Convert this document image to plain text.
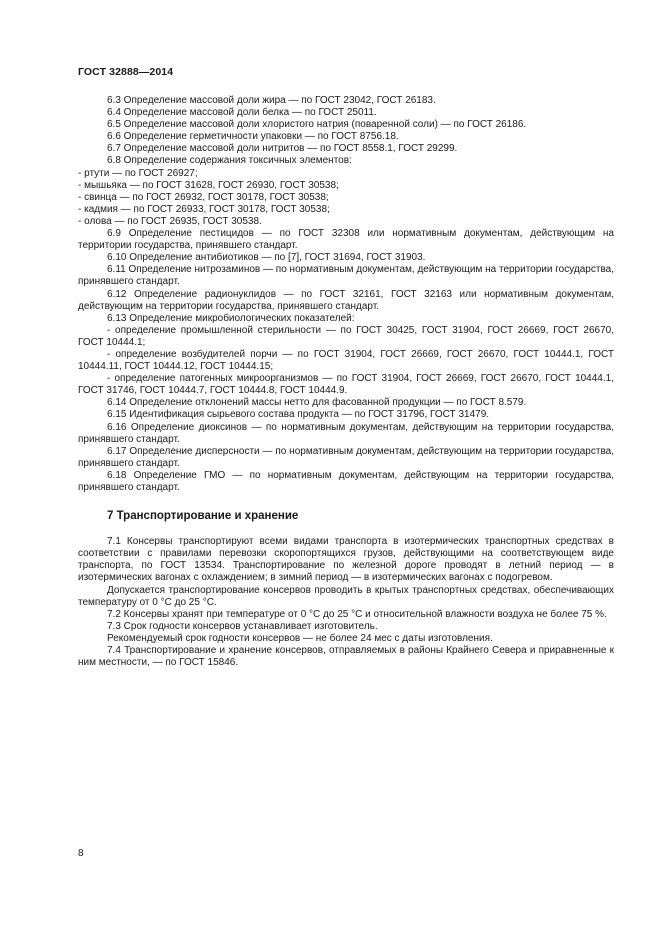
ГОСТ 32888—2014

6.3 Определение массовой доли жира — по ГОСТ 23042, ГОСТ 26183.

6.4 Определение массовой доли белка — по ГОСТ 25011.

6.5 Определение массовой доли хлористого натрия (поваренной соли) — по ГОСТ 26186.

6.6 Определение герметичности упаковки — по ГОСТ 8756.18.

6.7 Определение массовой доли нитритов — по ГОСТ 8558.1, ГОСТ 29299.

6.8 Определение содержания токсичных элементов:

- ртути — по ГОСТ 26927;

- мышьяка — по ГОСТ 31628, ГОСТ 26930, ГОСТ 30538;

- свинца — по ГОСТ 26932, ГОСТ 30178, ГОСТ 30538;

- кадмия — по ГОСТ 26933, ГОСТ 30178, ГОСТ 30538;

- олова — по ГОСТ 26935, ГОСТ 30538.

6.9 Определение пестицидов — по ГОСТ 32308 или нормативным документам, действующим на территории государства, принявшего стандарт.

6.10 Определение антибиотиков — по [7], ГОСТ 31694, ГОСТ 31903.

6.11 Определение нитрозаминов — по нормативным документам, действующим на территории государства, принявшего стандарт.

6.12 Определение радионуклидов — по ГОСТ 32161, ГОСТ 32163 или нормативным документам, действующим на территории государства, принявшего стандарт.

6.13 Определение микробиологических показателей:

- определение промышленной стерильности — по ГОСТ 30425, ГОСТ 31904, ГОСТ 26669, ГОСТ 26670, ГОСТ 10444.1;

- определение возбудителей порчи — по ГОСТ 31904, ГОСТ 26669, ГОСТ 26670, ГОСТ 10444.1, ГОСТ 10444.11, ГОСТ 10444.12, ГОСТ 10444.15;

- определение патогенных микроорганизмов — по ГОСТ 31904, ГОСТ 26669, ГОСТ 26670, ГОСТ 10444.1, ГОСТ 31746, ГОСТ 10444.7, ГОСТ 10444.8, ГОСТ 10444.9.

6.14 Определение отклонений массы нетто для фасованной продукции — по ГОСТ 8.579.

6.15 Идентификация сырьевого состава продукта — по ГОСТ 31796, ГОСТ 31479.

6.16 Определение диоксинов — по нормативным документам, действующим на территории государства, принявшего стандарт.

6.17 Определение дисперсности — по нормативным документам, действующим на территории государства, принявшего стандарт.

6.18 Определение ГМО — по нормативным документам, действующим на территории государства, принявшего стандарт.

7 Транспортирование и хранение

7.1 Консервы транспортируют всеми видами транспорта в изотермических транспортных средствах в соответствии с правилами перевозки скоропортящихся грузов, действующими на соответствующем виде транспорта, по ГОСТ 13534. Транспортирование по железной дороге проводят в летний период — в изотермических вагонах с охлаждением; в зимний период — в изотермических вагонах с подогревом.

Допускается транспортирование консервов проводить в крытых транспортных средствах, обеспечивающих температуру от 0 °С до 25 °С.

7.2 Консервы хранят при температуре от 0 °С до 25 °С и относительной влажности воздуха не более 75 %.

7.3 Срок годности консервов устанавливает изготовитель.

Рекомендуемый срок годности консервов — не более 24 мес с даты изготовления.

7.4 Транспортирование и хранение консервов, отправляемых в районы Крайнего Севера и приравненные к ним местности, — по ГОСТ 15846.

8
